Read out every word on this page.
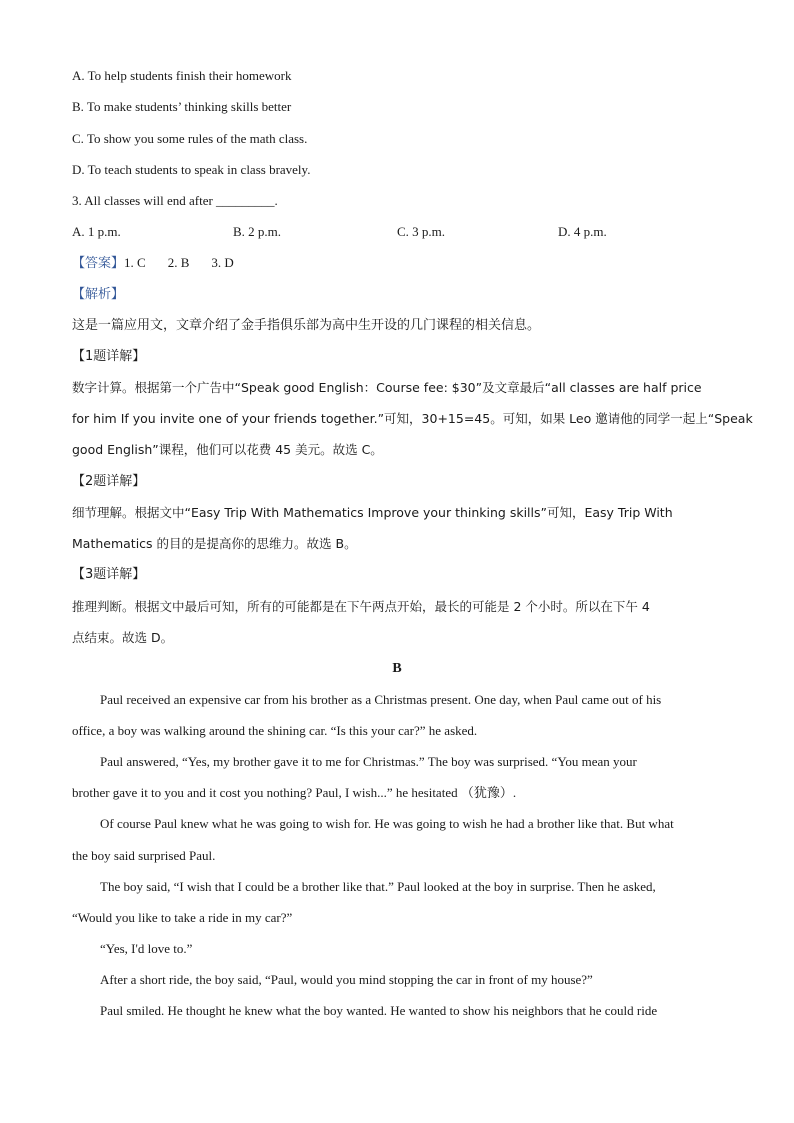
A. To help students finish their homework
B. To make students’ thinking skills better
C. To show you some rules of the math class.
D. To teach students to speak in class bravely.
3. All classes will end after _________.
A. 1 p.m.	B. 2 p.m.	C. 3 p.m.	D. 4 p.m.
【答案】1. C 2. B 3. D
【解析】
这是一篇应用文，文章介绍了金手指俱乐部为高中生开设的几门课程的相关信息。
【1题详解】
数字计算。根据第一个广告中“Speak good English：Course fee: $30”及文章最后“all classes are half price
for him If you invite one of your friends together.”可知，30+15=45。可知，如果 Leo 邀请他的同学一起上“Speak
good English”课程，他们可以花费 45 美元。故选 C。
【2题详解】
细节理解。根据文中“Easy Trip With Mathematics Improve your thinking skills”可知，Easy Trip With
Mathematics 的目的是提高你的思维力。故选 B。
【3题详解】
推理判断。根据文中最后可知，所有的可能都是在下午两点开始，最长的可能是 2 个小时。所以在下午 4
点结束。故选 D。
B
Paul received an expensive car from his brother as a Christmas present. One day, when Paul came out of his
office, a boy was walking around the shining car. “Is this your car?” he asked.
Paul answered, “Yes, my brother gave it to me for Christmas.” The boy was surprised. “You mean your
brother gave it to you and it cost you nothing? Paul, I wish...” he hesitated （犹豫）.
Of course Paul knew what he was going to wish for. He was going to wish he had a brother like that. But what
the boy said surprised Paul.
The boy said, “I wish that I could be a brother like that.” Paul looked at the boy in surprise. Then he asked,
“Would you like to take a ride in my car?”
“Yes, I'd love to.”
After a short ride, the boy said, “Paul, would you mind stopping the car in front of my house?”
Paul smiled. He thought he knew what the boy wanted. He wanted to show his neighbors that he could ride
